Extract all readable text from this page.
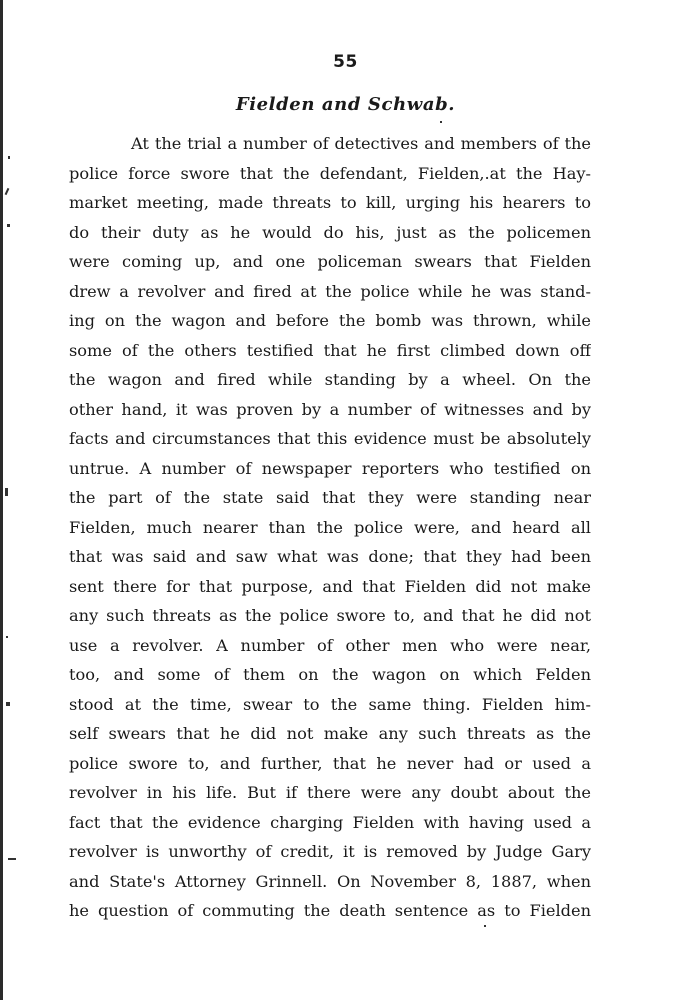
55
Fielden and Schwab.
At the trial a number of detectives and members of the
police force swore that the defendant, Fielden,.at the Hay-
market meeting, made threats to kill, urging his hearers to
do their duty as he would do his, just as the policemen
were coming up, and one policeman swears that Fielden
drew a revolver and fired at the police while he was stand-
ing on the wagon and before the bomb was thrown, while
some of the others testified that he first climbed down off
the wagon and fired while standing by a wheel. On the
other hand, it was proven by a number of witnesses and by
facts and circumstances that this evidence must be absolutely
untrue. A number of newspaper reporters who testified on
the part of the state said that they were standing near
Fielden, much nearer than the police were, and heard all
that was said and saw what was done; that they had been
sent there for that purpose, and that Fielden did not make
any such threats as the police swore to, and that he did not
use a revolver. A number of other men who were near,
too, and some of them on the wagon on which Felden
stood at the time, swear to the same thing. Fielden him-
self swears that he did not make any such threats as the
police swore to, and further, that he never had or used a
revolver in his life. But if there were any doubt about the
fact that the evidence charging Fielden with having used a
revolver is unworthy of credit, it is removed by Judge Gary
and State's Attorney Grinnell. On November 8, 1887, when
he question of commuting the death sentence as to Fielden
